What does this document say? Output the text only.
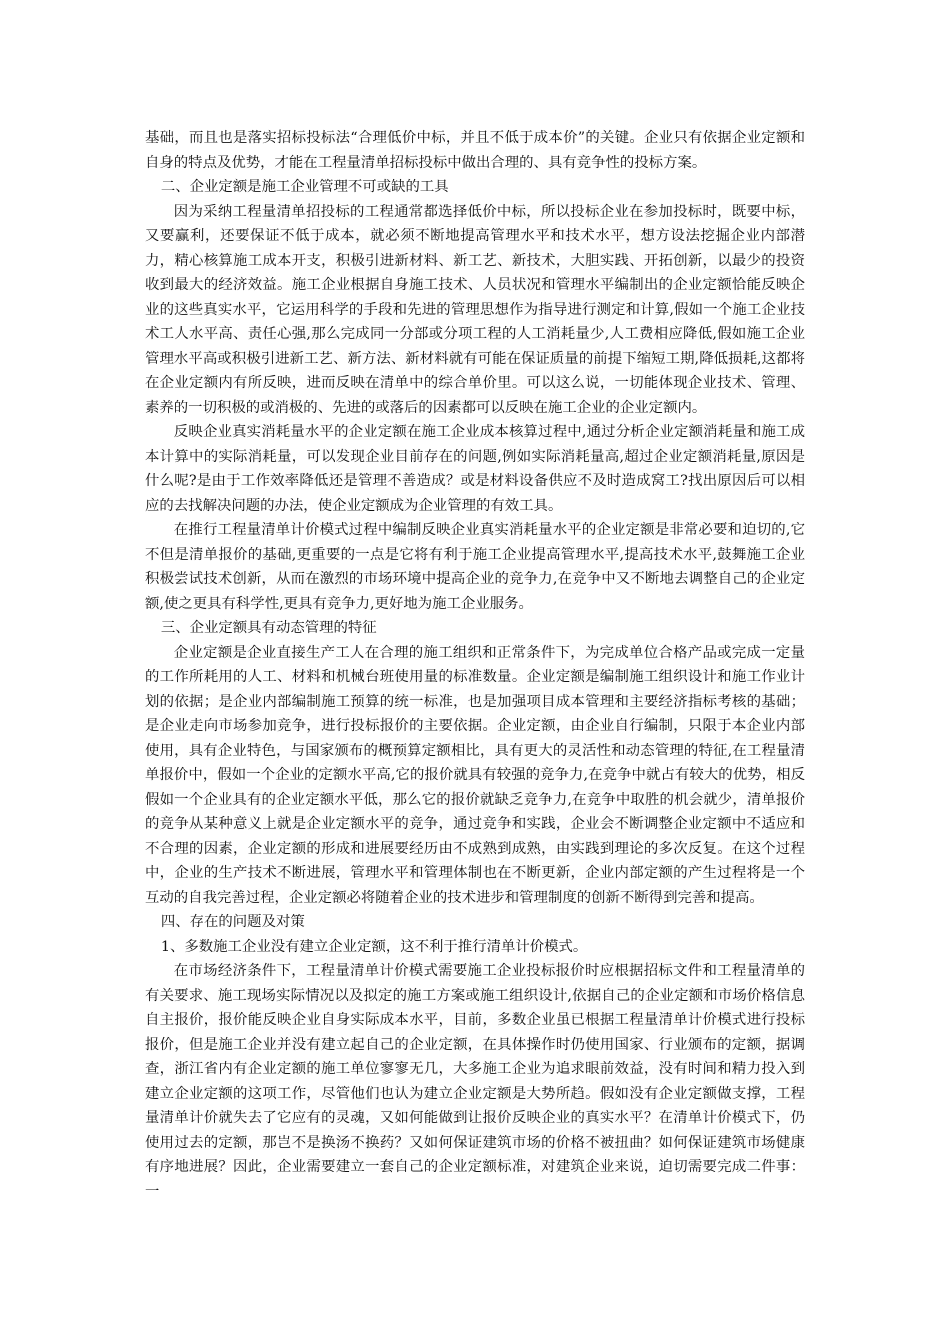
基础，而且也是落实招标投标法“合理低价中标，并且不低于成本价”的关键。企业只有依据企业定额和自身的特点及优势，才能在工程量清单招标投标中做出合理的、具有竞争性的投标方案。

二、企业定额是施工企业管理不可或缺的工具

因为采纳工程量清单招投标的工程通常都选择低价中标，所以投标企业在参加投标时，既要中标，又要赢利，还要保证不低于成本，就必须不断地提高管理水平和技术水平，想方设法挖掘企业内部潜力，精心核算施工成本开支，积极引进新材料、新工艺、新技术，大胆实践、开拓创新，以最少的投资收到最大的经济效益。施工企业根据自身施工技术、人员状况和管理水平编制出的企业定额恰能反映企业的这些真实水平，它运用科学的手段和先进的管理思想作为指导进行测定和计算,假如一个施工企业技术工人水平高、责任心强,那么完成同一分部或分项工程的人工消耗量少,人工费相应降低,假如施工企业管理水平高或积极引进新工艺、新方法、新材料就有可能在保证质量的前提下缩短工期,降低损耗,这都将在企业定额内有所反映，进而反映在清单中的综合单价里。可以这么说，一切能体现企业技术、管理、素养的一切积极的或消极的、先进的或落后的因素都可以反映在施工企业的企业定额内。

反映企业真实消耗量水平的企业定额在施工企业成本核算过程中,通过分析企业定额消耗量和施工成本计算中的实际消耗量，可以发现企业目前存在的问题,例如实际消耗量高,超过企业定额消耗量,原因是什么呢?是由于工作效率降低还是管理不善造成？或是材料设备供应不及时造成窝工?找出原因后可以相应的去找解决问题的办法，使企业定额成为企业管理的有效工具。

在推行工程量清单计价模式过程中编制反映企业真实消耗量水平的企业定额是非常必要和迫切的,它不但是清单报价的基础,更重要的一点是它将有利于施工企业提高管理水平,提高技术水平,鼓舞施工企业积极尝试技术创新，从而在激烈的市场环境中提高企业的竞争力,在竞争中又不断地去调整自己的企业定额,使之更具有科学性,更具有竞争力,更好地为施工企业服务。

三、企业定额具有动态管理的特征

企业定额是企业直接生产工人在合理的施工组织和正常条件下，为完成单位合格产品或完成一定量的工作所耗用的人工、材料和机械台班使用量的标准数量。企业定额是编制施工组织设计和施工作业计划的依据；是企业内部编制施工预算的统一标准，也是加强项目成本管理和主要经济指标考核的基础；是企业走向市场参加竞争，进行投标报价的主要依据。企业定额，由企业自行编制，只限于本企业内部使用，具有企业特色，与国家颁布的概预算定额相比，具有更大的灵活性和动态管理的特征,在工程量清单报价中，假如一个企业的定额水平高,它的报价就具有较强的竞争力,在竞争中就占有较大的优势，相反假如一个企业具有的企业定额水平低，那么它的报价就缺乏竞争力,在竞争中取胜的机会就少，清单报价的竞争从某种意义上就是企业定额水平的竞争，通过竞争和实践，企业会不断调整企业定额中不适应和不合理的因素，企业定额的形成和进展要经历由不成熟到成熟，由实践到理论的多次反复。在这个过程中，企业的生产技术不断进展，管理水平和管理体制也在不断更新，企业内部定额的产生过程将是一个互动的自我完善过程，企业定额必将随着企业的技术进步和管理制度的创新不断得到完善和提高。

四、存在的问题及对策

1、多数施工企业没有建立企业定额，这不利于推行清单计价模式。

在市场经济条件下，工程量清单计价模式需要施工企业投标报价时应根据招标文件和工程量清单的有关要求、施工现场实际情况以及拟定的施工方案或施工组织设计,依据自己的企业定额和市场价格信息自主报价，报价能反映企业自身实际成本水平，目前，多数企业虽已根据工程量清单计价模式进行投标报价，但是施工企业并没有建立起自己的企业定额，在具体操作时仍使用国家、行业颁布的定额，据调查，浙江省内有企业定额的施工单位寥寥无几，大多施工企业为追求眼前效益，没有时间和精力投入到建立企业定额的这项工作，尽管他们也认为建立企业定额是大势所趋。假如没有企业定额做支撑，工程量清单计价就失去了它应有的灵魂，又如何能做到让报价反映企业的真实水平？在清单计价模式下，仍使用过去的定额，那岂不是换汤不换药？又如何保证建筑市场的价格不被扭曲？如何保证建筑市场健康有序地进展？因此，企业需要建立一套自己的企业定额标准，对建筑企业来说，迫切需要完成二件事：一
